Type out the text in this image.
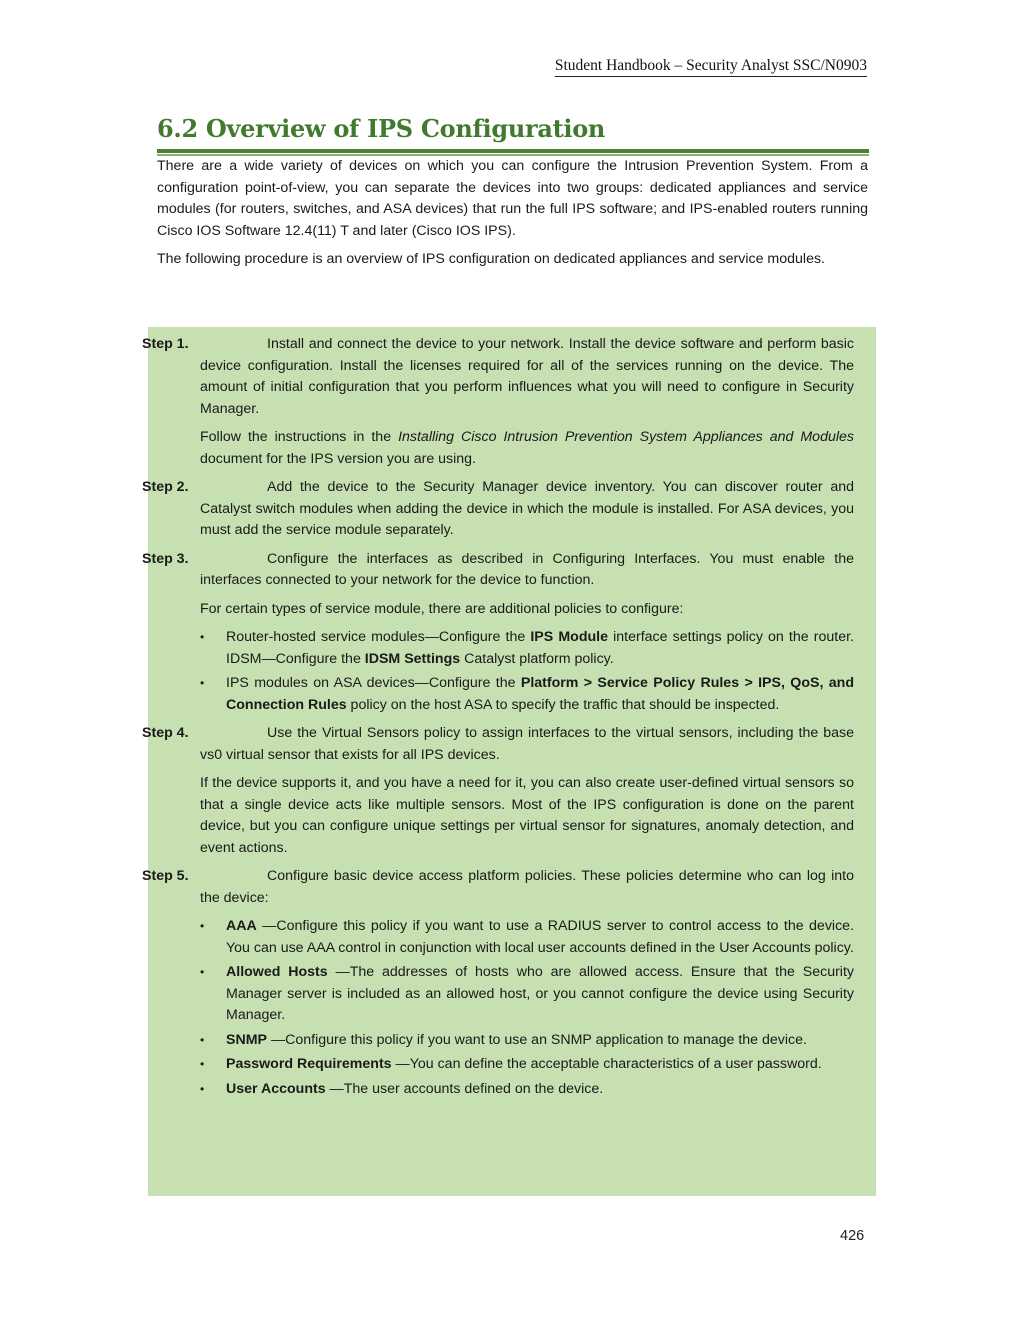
Student Handbook – Security Analyst SSC/N0903
6.2 Overview of IPS Configuration

There are a wide variety of devices on which you can configure the Intrusion Prevention System. From a configuration point-of-view, you can separate the devices into two groups: dedicated appliances and service modules (for routers, switches, and ASA devices) that run the full IPS software; and IPS-enabled routers running Cisco IOS Software 12.4(11) T and later (Cisco IOS IPS).

The following procedure is an overview of IPS configuration on dedicated appliances and service modules.

Step 1.	Install and connect the device to your network. Install the device software and perform basic device configuration. Install the licenses required for all of the services running on the device. The amount of initial configuration that you perform influences what you will need to configure in Security Manager.

Follow the instructions in the Installing Cisco Intrusion Prevention System Appliances and Modules document for the IPS version you are using.

Step 2.	Add the device to the Security Manager device inventory. You can discover router and Catalyst switch modules when adding the device in which the module is installed. For ASA devices, you must add the service module separately.
Step 3.	Configure the interfaces as described in Configuring Interfaces. You must enable the interfaces connected to your network for the device to function.

For certain types of service module, there are additional policies to configure:

• Router-hosted service modules—Configure the IPS Module interface settings policy on the router. IDSM—Configure the IDSM Settings Catalyst platform policy.
• IPS modules on ASA devices—Configure the Platform > Service Policy Rules > IPS, QoS, and Connection Rules policy on the host ASA to specify the traffic that should be inspected.
Step 4.	Use the Virtual Sensors policy to assign interfaces to the virtual sensors, including the base vs0 virtual sensor that exists for all IPS devices.

If the device supports it, and you have a need for it, you can also create user-defined virtual sensors so that a single device acts like multiple sensors. Most of the IPS configuration is done on the parent device, but you can configure unique settings per virtual sensor for signatures, anomaly detection, and event actions.

Step 5.	Configure basic device access platform policies. These policies determine who can log into the device:
• AAA —Configure this policy if you want to use a RADIUS server to control access to the device. You can use AAA control in conjunction with local user accounts defined in the User Accounts policy.
• Allowed Hosts —The addresses of hosts who are allowed access. Ensure that the Security Manager server is included as an allowed host, or you cannot configure the device using Security Manager.
• SNMP —Configure this policy if you want to use an SNMP application to manage the device.
• Password Requirements —You can define the acceptable characteristics of a user password.
• User Accounts —The user accounts defined on the device.
426
